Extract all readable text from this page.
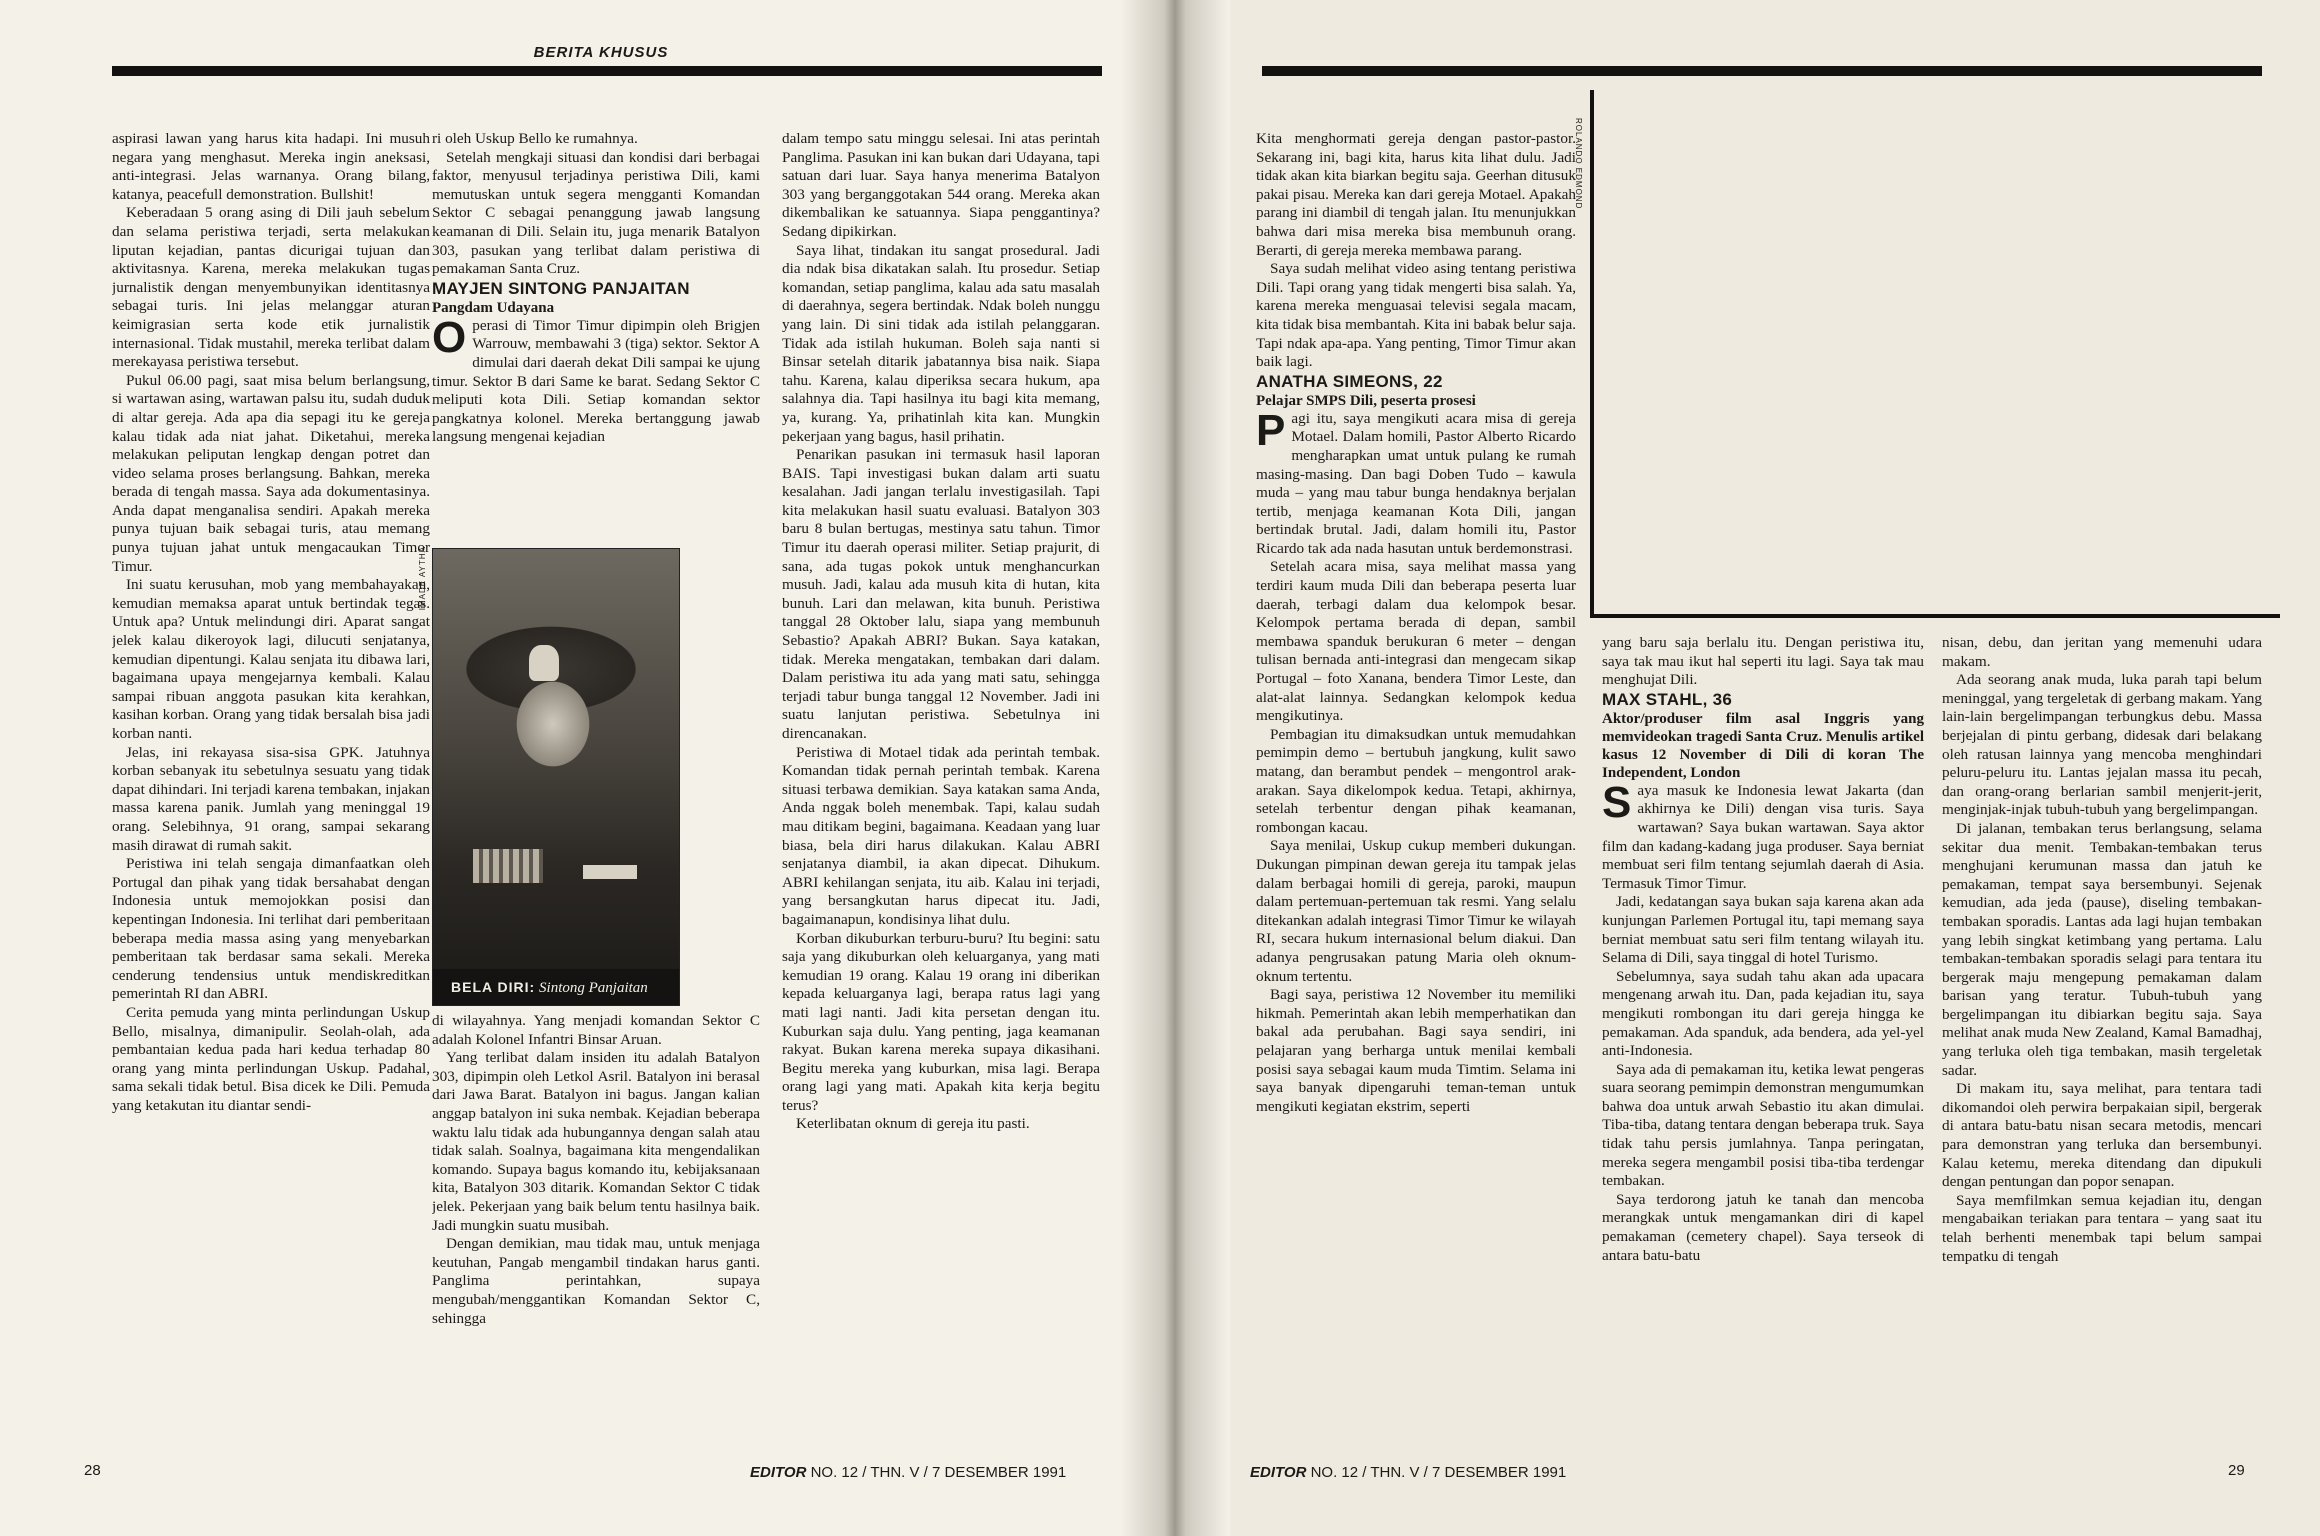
BERITA KHUSUS

aspirasi lawan yang harus kita hadapi. Ini musuh negara yang menghasut. Mereka ingin aneksasi, anti-integrasi. Jelas warnanya. Orang bilang, katanya, peacefull demonstration. Bullshit!

Keberadaan 5 orang asing di Dili jauh sebelum dan selama peristiwa terjadi, serta melakukan liputan kejadian, pantas dicurigai tujuan dan aktivitasnya. Karena, mereka melakukan tugas jurnalistik dengan menyembunyikan identitasnya sebagai turis. Ini jelas melanggar aturan keimigrasian serta kode etik jurnalistik internasional. Tidak mustahil, mereka terlibat dalam merekayasa peristiwa tersebut.

Pukul 06.00 pagi, saat misa belum berlangsung, si wartawan asing, wartawan palsu itu, sudah duduk di altar gereja. Ada apa dia sepagi itu ke gereja kalau tidak ada niat jahat. Diketahui, mereka melakukan peliputan lengkap dengan potret dan video selama proses berlangsung. Bahkan, mereka berada di tengah massa. Saya ada dokumentasinya. Anda dapat menganalisa sendiri. Apakah mereka punya tujuan baik sebagai turis, atau memang punya tujuan jahat untuk mengacaukan Timor Timur.

Ini suatu kerusuhan, mob yang membahayakan, kemudian memaksa aparat untuk bertindak tegas. Untuk apa? Untuk melindungi diri. Aparat sangat jelek kalau dikeroyok lagi, dilucuti senjatanya, kemudian dipentungi. Kalau senjata itu dibawa lari, bagaimana upaya mengejarnya kembali. Kalau sampai ribuan anggota pasukan kita kerahkan, kasihan korban. Orang yang tidak bersalah bisa jadi korban nanti.

Jelas, ini rekayasa sisa-sisa GPK. Jatuhnya korban sebanyak itu sebetulnya sesuatu yang tidak dapat dihindari. Ini terjadi karena tembakan, injakan massa karena panik. Jumlah yang meninggal 19 orang. Selebihnya, 91 orang, sampai sekarang masih dirawat di rumah sakit.

Peristiwa ini telah sengaja dimanfaatkan oleh Portugal dan pihak yang tidak bersahabat dengan Indonesia untuk memojokkan posisi dan kepentingan Indonesia. Ini terlihat dari pemberitaan beberapa media massa asing yang menyebarkan pemberitaan tak berdasar sama sekali. Mereka cenderung tendensius untuk mendiskreditkan pemerintah RI dan ABRI.

Cerita pemuda yang minta perlindungan Uskup Bello, misalnya, dimanipulir. Seolah-olah, ada pembantaian kedua pada hari kedua terhadap 80 orang yang minta perlindungan Uskup. Padahal, sama sekali tidak betul. Bisa dicek ke Dili. Pemuda yang ketakutan itu diantar sendi-

ri oleh Uskup Bello ke rumahnya.

Setelah mengkaji situasi dan kondisi dari berbagai faktor, menyusul terjadinya peristiwa Dili, kami memutuskan untuk segera mengganti Komandan Sektor C sebagai penanggung jawab langsung keamanan di Dili. Selain itu, juga menarik Batalyon 303, pasukan yang terlibat dalam peristiwa di pemakaman Santa Cruz.

MAYJEN SINTONG PANJAITAN

Pangdam Udayana

Operasi di Timor Timur dipimpin oleh Brigjen Warrouw, membawahi 3 (tiga) sektor. Sektor A dimulai dari daerah dekat Dili sampai ke ujung timur. Sektor B dari Same ke barat. Sedang Sektor C meliputi kota Dili. Setiap komandan sektor pangkatnya kolonel. Mereka bertanggung jawab langsung mengenai kejadian

BELA DIRI: Sintong Panjaitan
IMADE AYTHA

di wilayahnya. Yang menjadi komandan Sektor C adalah Kolonel Infantri Binsar Aruan.

Yang terlibat dalam insiden itu adalah Batalyon 303, dipimpin oleh Letkol Asril. Batalyon ini berasal dari Jawa Barat. Batalyon ini bagus. Jangan kalian anggap batalyon ini suka nembak. Kejadian beberapa waktu lalu tidak ada hubungannya dengan salah atau tidak salah. Soalnya, bagaimana kita mengendalikan komando. Supaya bagus komando itu, kebijaksanaan kita, Batalyon 303 ditarik. Komandan Sektor C tidak jelek. Pekerjaan yang baik belum tentu hasilnya baik. Jadi mungkin suatu musibah.

Dengan demikian, mau tidak mau, untuk menjaga keutuhan, Pangab mengambil tindakan harus ganti. Panglima perintahkan, supaya mengubah/menggantikan Komandan Sektor C, sehingga

dalam tempo satu minggu selesai. Ini atas perintah Panglima. Pasukan ini kan bukan dari Udayana, tapi satuan dari luar. Saya hanya menerima Batalyon 303 yang berganggotakan 544 orang. Mereka akan dikembalikan ke satuannya. Siapa penggantinya? Sedang dipikirkan.

Saya lihat, tindakan itu sangat prosedural. Jadi dia ndak bisa dikatakan salah. Itu prosedur. Setiap komandan, setiap panglima, kalau ada satu masalah di daerahnya, segera bertindak. Ndak boleh nunggu yang lain. Di sini tidak ada istilah pelanggaran. Tidak ada istilah hukuman. Boleh saja nanti si Binsar setelah ditarik jabatannya bisa naik. Siapa tahu. Karena, kalau diperiksa secara hukum, apa salahnya dia. Tapi hasilnya itu bagi kita memang, ya, kurang. Ya, prihatinlah kita kan. Mungkin pekerjaan yang bagus, hasil prihatin.

Penarikan pasukan ini termasuk hasil laporan BAIS. Tapi investigasi bukan dalam arti suatu kesalahan. Jadi jangan terlalu investigasilah. Tapi kita melakukan hasil suatu evaluasi. Batalyon 303 baru 8 bulan bertugas, mestinya satu tahun. Timor Timur itu daerah operasi militer. Setiap prajurit, di sana, ada tugas pokok untuk menghancurkan musuh. Jadi, kalau ada musuh kita di hutan, kita bunuh. Lari dan melawan, kita bunuh. Peristiwa tanggal 28 Oktober lalu, siapa yang membunuh Sebastio? Apakah ABRI? Bukan. Saya katakan, tidak. Mereka mengatakan, tembakan dari dalam. Dalam peristiwa itu ada yang mati satu, sehingga terjadi tabur bunga tanggal 12 November. Jadi ini suatu lanjutan peristiwa. Sebetulnya ini direncanakan.

Peristiwa di Motael tidak ada perintah tembak. Komandan tidak pernah perintah tembak. Karena situasi terbawa demikian. Saya katakan sama Anda, Anda nggak boleh menembak. Tapi, kalau sudah mau ditikam begini, bagaimana. Keadaan yang luar biasa, bela diri harus dilakukan. Kalau ABRI senjatanya diambil, ia akan dipecat. Dihukum. ABRI kehilangan senjata, itu aib. Kalau ini terjadi, yang bersangkutan harus dipecat itu. Jadi, bagaimanapun, kondisinya lihat dulu.

Korban dikuburkan terburu-buru? Itu begini: satu saja yang dikuburkan oleh keluarganya, yang mati kemudian 19 orang. Kalau 19 orang ini diberikan kepada keluarganya lagi, berapa ratus lagi yang mati lagi nanti. Jadi kita persetan dengan itu. Kuburkan saja dulu. Yang penting, jaga keamanan rakyat. Bukan karena mereka supaya dikasihani. Begitu mereka yang kuburkan, misa lagi. Berapa orang lagi yang mati. Apakah kita kerja begitu terus?

Keterlibatan oknum di gereja itu pasti.

28	EDITOR NO. 12 / THN. V / 7 DESEMBER 1991

Kita menghormati gereja dengan pastor-pastor. Sekarang ini, bagi kita, harus kita lihat dulu. Jadi tidak akan kita biarkan begitu saja. Geerhan ditusuk pakai pisau. Mereka kan dari gereja Motael. Apakah parang ini diambil di tengah jalan. Itu menunjukkan bahwa dari misa mereka bisa membunuh orang. Berarti, di gereja mereka membawa parang.

Saya sudah melihat video asing tentang peristiwa Dili. Tapi orang yang tidak mengerti bisa salah. Ya, karena mereka menguasai televisi segala macam, kita tidak bisa membantah. Kita ini babak belur saja. Tapi ndak apa-apa. Yang penting, Timor Timur akan baik lagi.

ANATHA SIMEONS, 22

Pelajar SMPS Dili, peserta prosesi

Pagi itu, saya mengikuti acara misa di gereja Motael. Dalam homili, Pastor Alberto Ricardo mengharapkan umat untuk pulang ke rumah masing-masing. Dan bagi Doben Tudo – kawula muda – yang mau tabur bunga hendaknya berjalan tertib, menjaga keamanan Kota Dili, jangan bertindak brutal. Jadi, dalam homili itu, Pastor Ricardo tak ada nada hasutan untuk berdemonstrasi.

Setelah acara misa, saya melihat massa yang terdiri kaum muda Dili dan beberapa peserta luar daerah, terbagi dalam dua kelompok besar. Kelompok pertama berada di depan, sambil membawa spanduk berukuran 6 meter – dengan tulisan bernada anti-integrasi dan mengecam sikap Portugal – foto Xanana, bendera Timor Leste, dan alat-alat lainnya. Sedangkan kelompok kedua mengikutinya.

Pembagian itu dimaksudkan untuk memudahkan pemimpin demo – bertubuh jangkung, kulit sawo matang, dan berambut pendek – mengontrol arak-arakan. Saya dikelompok kedua. Tetapi, akhirnya, setelah terbentur dengan pihak keamanan, rombongan kacau.

Saya menilai, Uskup cukup memberi dukungan. Dukungan pimpinan dewan gereja itu tampak jelas dalam berbagai homili di gereja, paroki, maupun dalam pertemuan-pertemuan tak resmi. Yang selalu ditekankan adalah integrasi Timor Timur ke wilayah RI, secara hukum internasional belum diakui. Dan adanya pengrusakan patung Maria oleh oknum-oknum tertentu.

Bagi saya, peristiwa 12 November itu memiliki hikmah. Pemerintah akan lebih memperhatikan dan bakal ada perubahan. Bagi saya sendiri, ini pelajaran yang berharga untuk menilai kembali posisi saya sebagai kaum muda Timtim. Selama ini saya banyak dipengaruhi teman-teman untuk mengikuti kegiatan ekstrim, seperti

ROLANDO EDMOND

yang baru saja berlalu itu. Dengan peristiwa itu, saya tak mau ikut hal seperti itu lagi. Saya tak mau menghujat Dili.

MAX STAHL, 36

Aktor/produser film asal Inggris yang memvideokan tragedi Santa Cruz. Menulis artikel kasus 12 November di Dili di koran The Independent, London

Saya masuk ke Indonesia lewat Jakarta (dan akhirnya ke Dili) dengan visa turis. Saya wartawan? Saya bukan wartawan. Saya aktor film dan kadang-kadang juga produser. Saya berniat membuat seri film tentang sejumlah daerah di Asia. Termasuk Timor Timur.

Jadi, kedatangan saya bukan saja karena akan ada kunjungan Parlemen Portugal itu, tapi memang saya berniat membuat satu seri film tentang wilayah itu. Selama di Dili, saya tinggal di hotel Turismo.

Sebelumnya, saya sudah tahu akan ada upacara mengenang arwah itu. Dan, pada kejadian itu, saya mengikuti rombongan itu dari gereja hingga ke pemakaman. Ada spanduk, ada bendera, ada yel-yel anti-Indonesia.

Saya ada di pemakaman itu, ketika lewat pengeras suara seorang pemimpin demonstran mengumumkan bahwa doa untuk arwah Sebastio itu akan dimulai. Tiba-tiba, datang tentara dengan beberapa truk. Saya tidak tahu persis jumlahnya. Tanpa peringatan, mereka segera mengambil posisi tiba-tiba terdengar tembakan.

Saya terdorong jatuh ke tanah dan mencoba merangkak untuk mengamankan diri di kapel pemakaman (cemetery chapel). Saya terseok di antara batu-batu

nisan, debu, dan jeritan yang memenuhi udara makam.

Ada seorang anak muda, luka parah tapi belum meninggal, yang tergeletak di gerbang makam. Yang lain-lain bergelimpangan terbungkus debu. Massa berjejalan di pintu gerbang, didesak dari belakang oleh ratusan lainnya yang mencoba menghindari peluru-peluru itu. Lantas jejalan massa itu pecah, dan orang-orang berlarian sambil menjerit-jerit, menginjak-injak tubuh-tubuh yang bergelimpangan.

Di jalanan, tembakan terus berlangsung, selama sekitar dua menit. Tembakan-tembakan terus menghujani kerumunan massa dan jatuh ke pemakaman, tempat saya bersembunyi. Sejenak kemudian, ada jeda (pause), diseling tembakan-tembakan sporadis. Lantas ada lagi hujan tembakan yang lebih singkat ketimbang yang pertama. Lalu tembakan-tembakan sporadis selagi para tentara itu bergerak maju mengepung pemakaman dalam barisan yang teratur. Tubuh-tubuh yang bergelimpangan itu dibiarkan begitu saja. Saya melihat anak muda New Zealand, Kamal Bamadhaj, yang terluka oleh tiga tembakan, masih tergeletak sadar.

Di makam itu, saya melihat, para tentara tadi dikomandoi oleh perwira berpakaian sipil, bergerak di antara batu-batu nisan secara metodis, mencari para demonstran yang terluka dan bersembunyi. Kalau ketemu, mereka ditendang dan dipukuli dengan pentungan dan popor senapan.

Saya memfilmkan semua kejadian itu, dengan mengabaikan teriakan para tentara – yang saat itu telah berhenti menembak tapi belum sampai tempatku di tengah

EDITOR NO. 12 / THN. V / 7 DESEMBER 1991	29
